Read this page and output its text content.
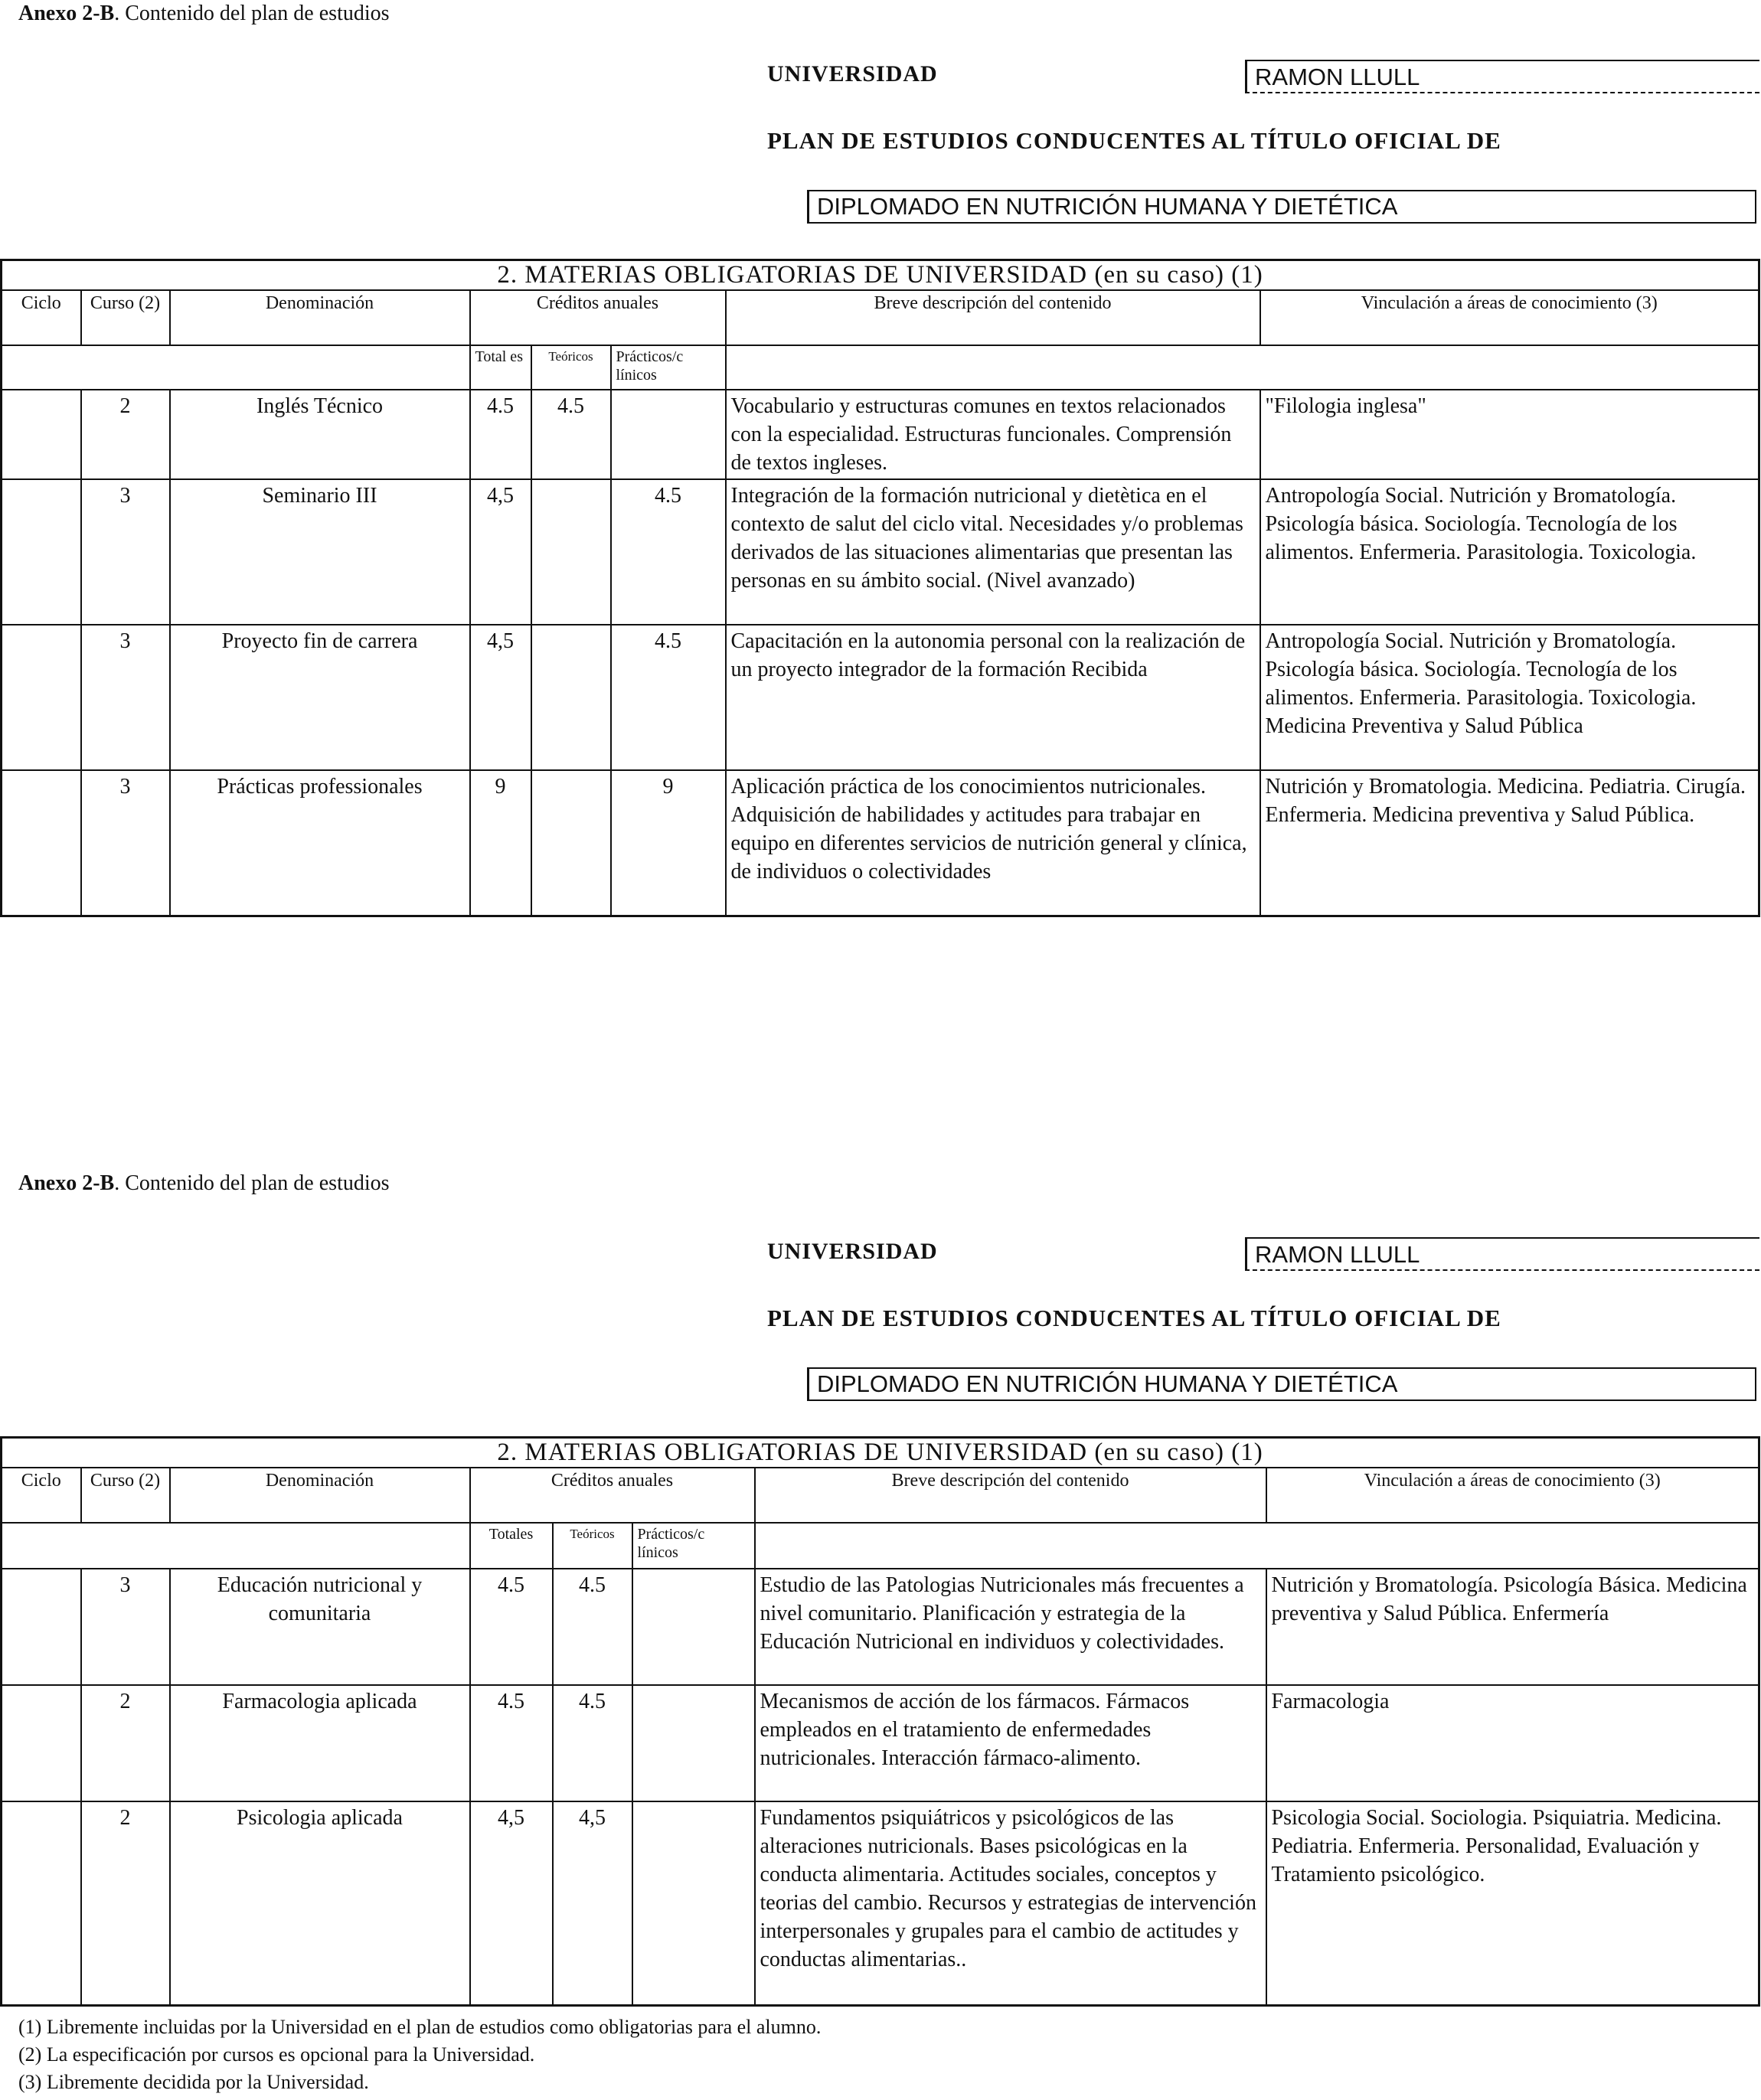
Anexo 2-B. Contenido del plan de estudios
UNIVERSIDAD	RAMON LLULL
PLAN DE ESTUDIOS CONDUCENTES AL TÍTULO OFICIAL DE
DIPLOMADO EN NUTRICIÓN HUMANA Y DIETÉTICA
2. MATERIAS OBLIGATORIAS DE UNIVERSIDAD (en su caso) (1)							
Ciclo	Curso (2)	Denominación	Créditos anuales			Breve descripción del contenido	Vinculación a áreas de conocimiento (3)
			Total es	Teóricos	Prácticos/c línicos		
	2	Inglés Técnico	4.5	4.5		Vocabulario y estructuras comunes en textos relacionados con la especialidad. Estructuras funcionales. Comprensión de textos ingleses.	"Filologia inglesa"
	3	Seminario III	4,5		4.5	Integración de la formación nutricional y dietètica en el contexto de salut del ciclo vital. Necesidades y/o problemas derivados de las situaciones alimentarias que presentan las personas en su ámbito social. (Nivel avanzado)	Antropología Social. Nutrición y Bromatología. Psicología básica. Sociología. Tecnología de los alimentos. Enfermeria. Parasitologia. Toxicologia.
	3	Proyecto fin de carrera	4,5		4.5	Capacitación en la autonomia personal con la realización de un proyecto integrador de la formación Recibida	Antropología Social. Nutrición y Bromatología. Psicología básica. Sociología. Tecnología de los alimentos. Enfermeria. Parasitologia. Toxicologia. Medicina Preventiva y Salud Pública
	3	Prácticas professionales	9		9	Aplicación práctica de los conocimientos nutricionales. Adquisición de habilidades y actitudes para trabajar en equipo en diferentes servicios de nutrición general y clínica, de individuos o colectividades	Nutrición y Bromatologia. Medicina. Pediatria. Cirugía. Enfermeria. Medicina preventiva y Salud Pública.
Anexo 2-B. Contenido del plan de estudios
UNIVERSIDAD	RAMON LLULL
PLAN DE ESTUDIOS CONDUCENTES AL TÍTULO OFICIAL DE
DIPLOMADO EN NUTRICIÓN HUMANA Y DIETÉTICA
2. MATERIAS OBLIGATORIAS DE UNIVERSIDAD (en su caso) (1)							
Ciclo	Curso (2)	Denominación	Créditos anuales			Breve descripción del contenido	Vinculación a áreas de conocimiento (3)
			Totales	Teóricos	Prácticos/c línicos		
	3	Educación nutricional y comunitaria	4.5	4.5		Estudio de las Patologias Nutricionales más frecuentes a nivel comunitario. Planificación y estrategia de la Educación Nutricional en individuos y colectividades.	Nutrición y Bromatología. Psicología Básica. Medicina preventiva y Salud Pública. Enfermería
	2	Farmacologia aplicada	4.5	4.5		Mecanismos de acción de los fármacos. Fármacos empleados en el tratamiento de enfermedades nutricionales. Interacción fármaco-alimento.	Farmacologia
	2	Psicologia aplicada	4,5	4,5		Fundamentos psiquiátricos y psicológicos de las alteraciones nutricionals. Bases psicológicas en la conducta alimentaria. Actitudes sociales, conceptos y teorias del cambio. Recursos y estrategias de intervención interpersonales y grupales para el cambio de actitudes y conductas alimentarias..	Psicologia Social. Sociologia. Psiquiatria. Medicina. Pediatria. Enfermeria. Personalidad, Evaluación y Tratamiento psicológico.
(1) Libremente incluidas por la Universidad en el plan de estudios como obligatorias para el alumno.
(2) La especificación por cursos es opcional para la Universidad.
(3) Libremente decidida por la Universidad.
